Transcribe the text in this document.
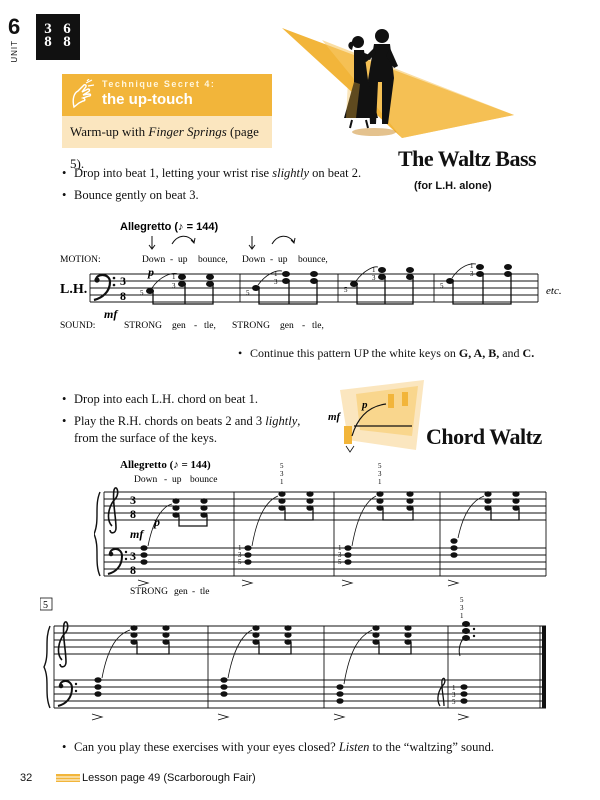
6
UNIT
3
8
6
8
Technique Secret 4:
the up-touch
Warm-up with Finger Springs (page 5).	The Waltz Bass
(for L.H. alone)
• Drop into beat 1, letting your wrist rise slightly on beat 2.
• Bounce gently on beat 3.
Allegretto (♪ = 144)
MOTION:	Down - up bounce, Down - up bounce,
L.H.
3
8
p
mf
5
1
3
5
1
3
5
1
3
5
1
3
etc.
SOUND:	STRONG gen - tle, STRONG gen - tle,
• Continue this pattern UP the white keys on G, A, B, and C.
• Drop into each L.H. chord on beat 1.
• Play the R.H. chords on beats 2 and 3 lightly,
from the surface of the keys.
mf
p
Chord Waltz
Allegretto (♪ = 144)
Down - up bounce
5
3
1
5
3
1
3
8
3
8
mf
p
1
3
5
1
3
5
STRONG gen - tle
5	5
3
1
1
3
5
• Can you play these exercises with your eyes closed? Listen to the “waltzing” sound.
32	Lesson page 49 (Scarborough Fair)
